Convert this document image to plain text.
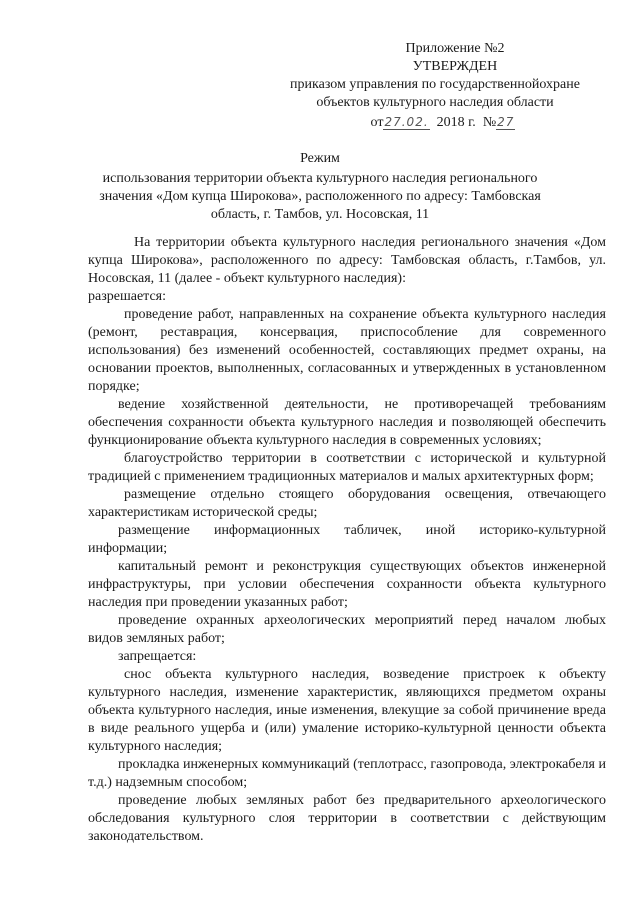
Приложение №2
УТВЕРЖДЕН
приказом управления по государственнойохране
объектов культурного наследия области
от27.02. 2018 г. №27
Режим
использования территории объекта культурного наследия регионального
значения «Дом купца Широкова», расположенного по адресу: Тамбовская
область, г. Тамбов, ул. Носовская, 11

На территории объекта культурного наследия регионального значения «Дом купца Широкова», расположенного по адресу: Тамбовская область, г.Тамбов, ул. Носовская, 11 (далее - объект культурного наследия):

разрешается:

проведение работ, направленных на сохранение объекта культурного наследия (ремонт, реставрация, консервация, приспособление для современного использования) без изменений особенностей, составляющих предмет охраны, на основании проектов, выполненных, согласованных и утвержденных в установленном порядке;

ведение хозяйственной деятельности, не противоречащей требованиям обеспечения сохранности объекта культурного наследия и позволяющей обеспечить функционирование объекта культурного наследия в современных условиях;

благоустройство территории в соответствии с исторической и культурной традицией с применением традиционных материалов и малых архитектурных форм;

размещение отдельно стоящего оборудования освещения, отвечающего характеристикам исторической среды;

размещение информационных табличек, иной историко-культурной информации;

капитальный ремонт и реконструкция существующих объектов инженерной инфраструктуры, при условии обеспечения сохранности объекта культурного наследия при проведении указанных работ;

проведение охранных археологических мероприятий перед началом любых видов земляных работ;

запрещается:

снос объекта культурного наследия, возведение пристроек к объекту культурного наследия, изменение характеристик, являющихся предметом охраны объекта культурного наследия, иные изменения, влекущие за собой причинение вреда в виде реального ущерба и (или) умаление историко-культурной ценности объекта культурного наследия;

прокладка инженерных коммуникаций (теплотрасс, газопровода, электрокабеля и т.д.) надземным способом;

проведение любых земляных работ без предварительного археологического обследования культурного слоя территории в соответствии с действующим законодательством.
